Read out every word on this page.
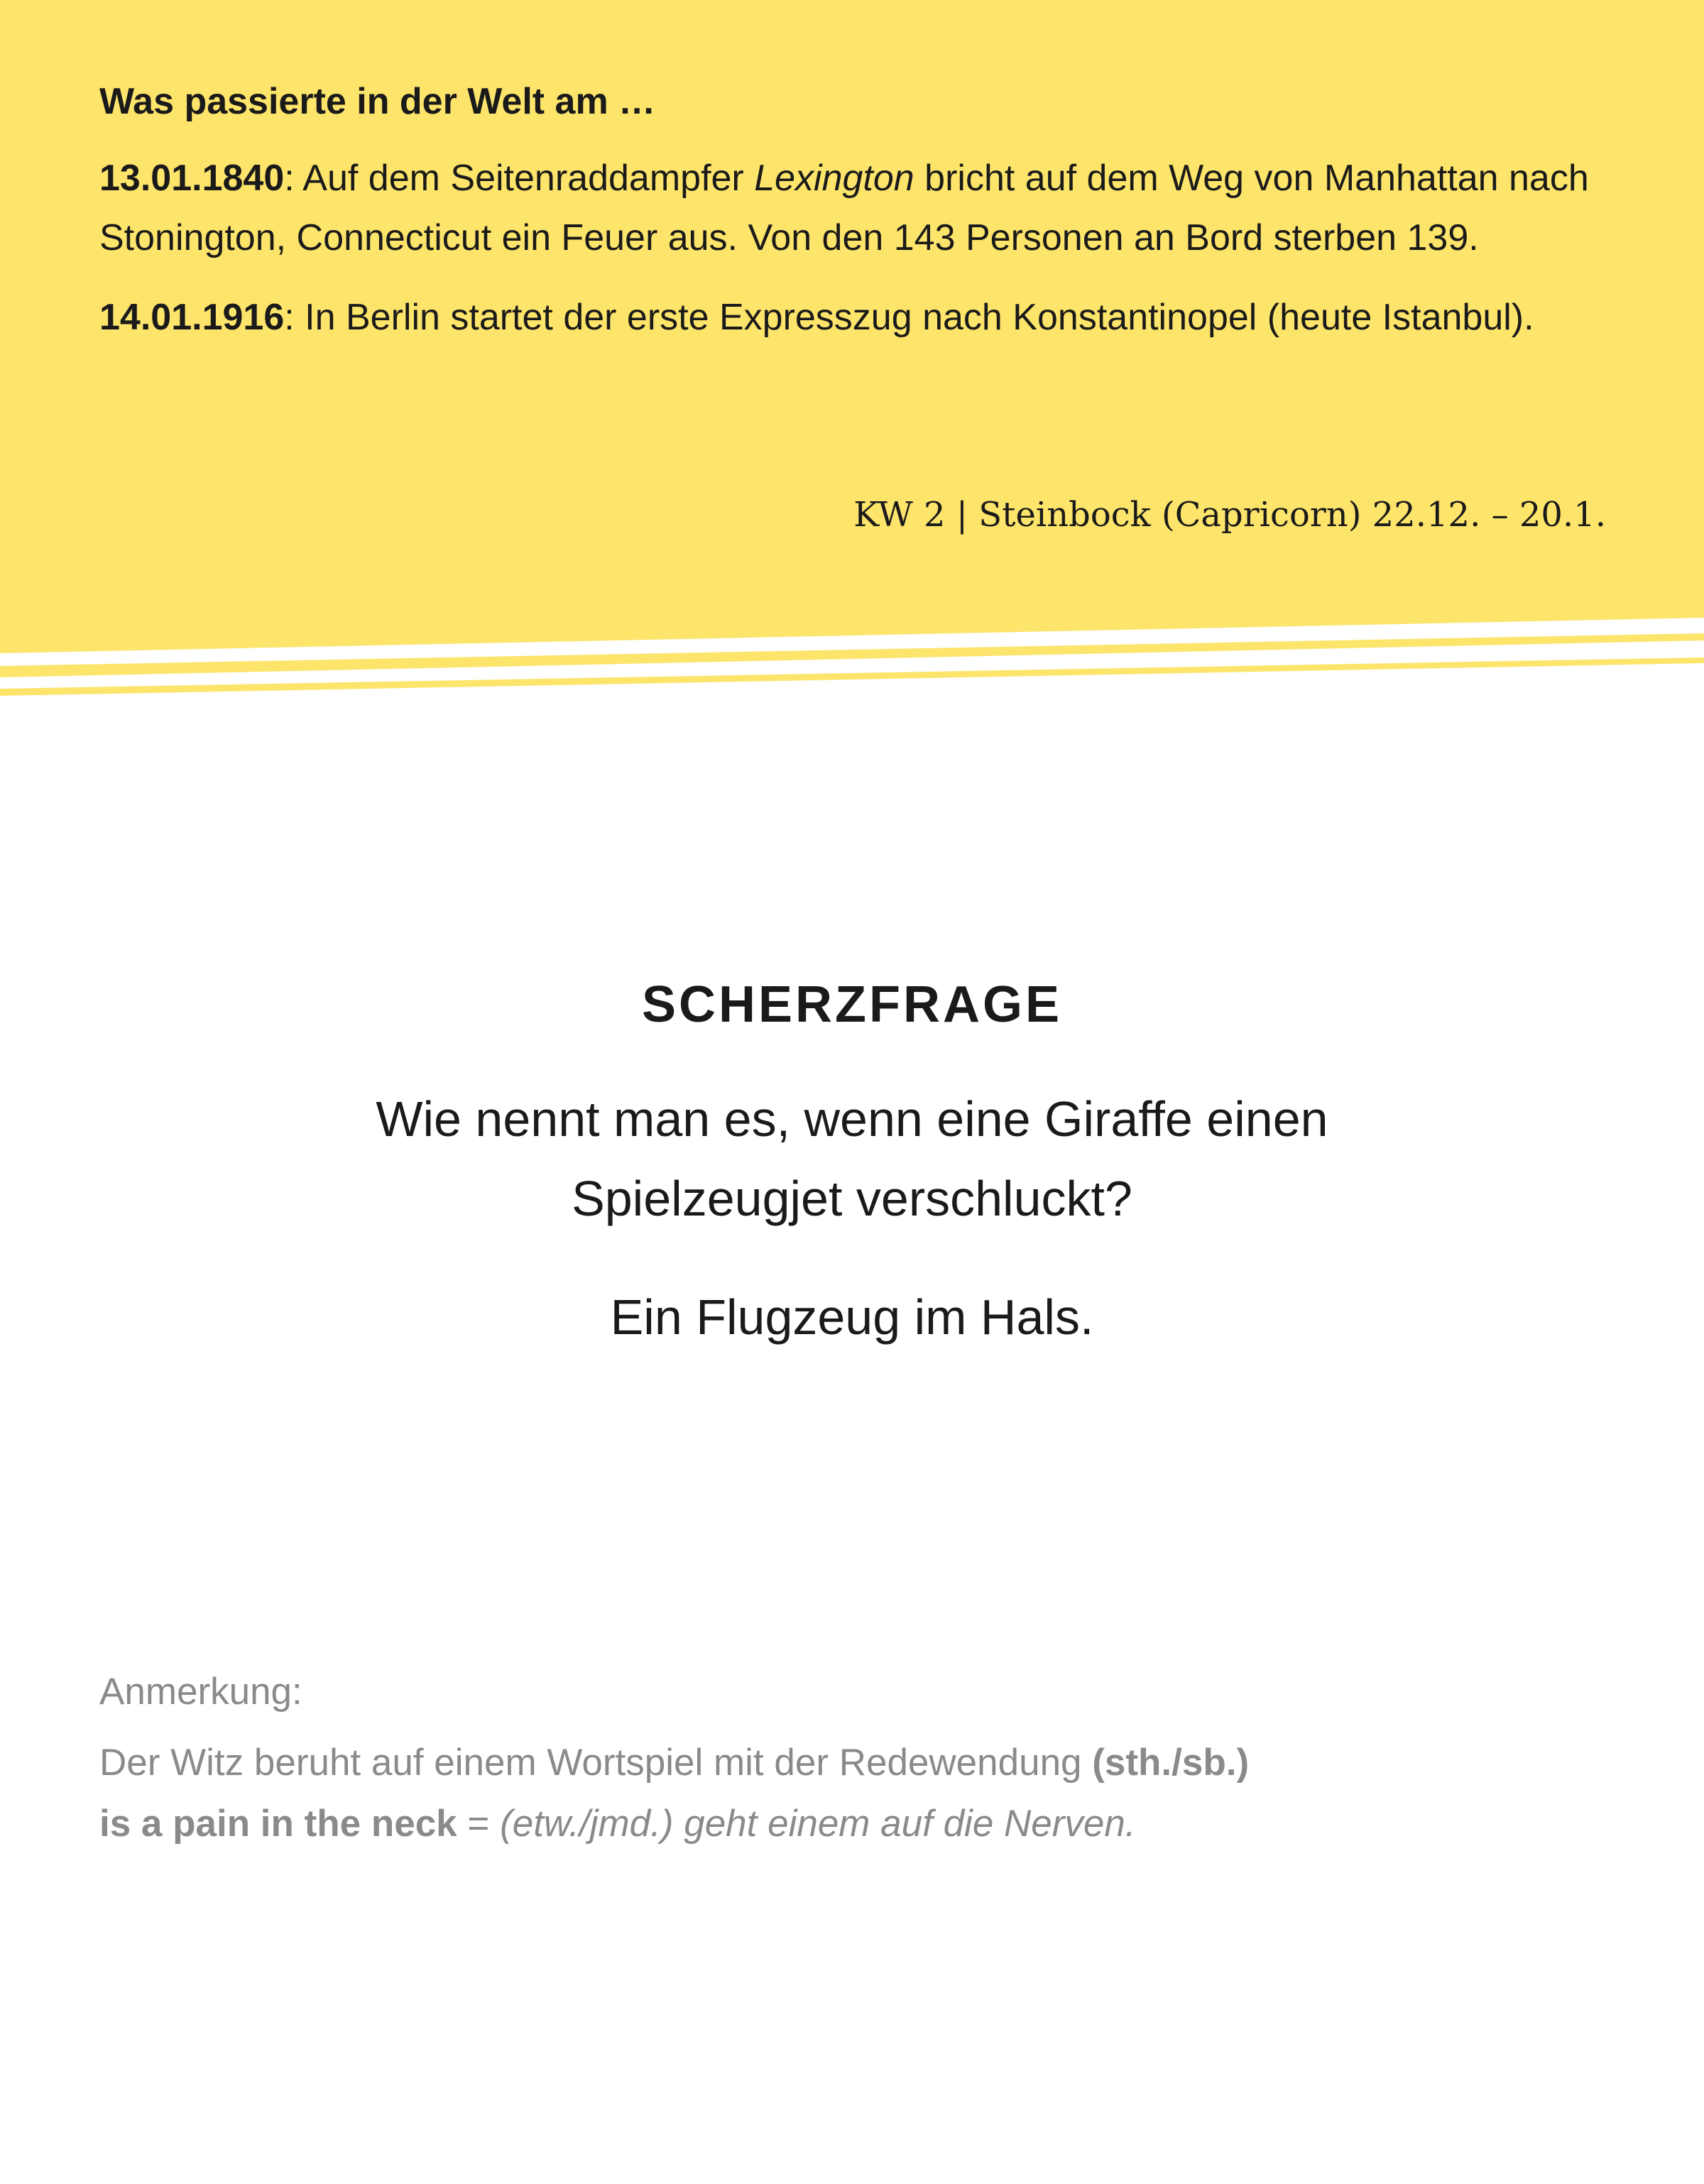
Was passierte in der Welt am …

13.01.1840: Auf dem Seitenraddampfer Lexington bricht auf dem Weg von Manhattan nach Stonington, Connecticut ein Feuer aus. Von den 143 Personen an Bord sterben 139.

14.01.1916: In Berlin startet der erste Expresszug nach Konstantinopel (heute Istanbul).

KW 2 | Steinbock (Capricorn) 22.12. – 20.1.
SCHERZFRAGE
Wie nennt man es, wenn eine Giraffe einen
Spielzeugjet verschluckt?
Ein Flugzeug im Hals.

Anmerkung:

Der Witz beruht auf einem Wortspiel mit der Redewendung (sth./sb.) is a pain in the neck = (etw./jmd.) geht einem auf die Nerven.
